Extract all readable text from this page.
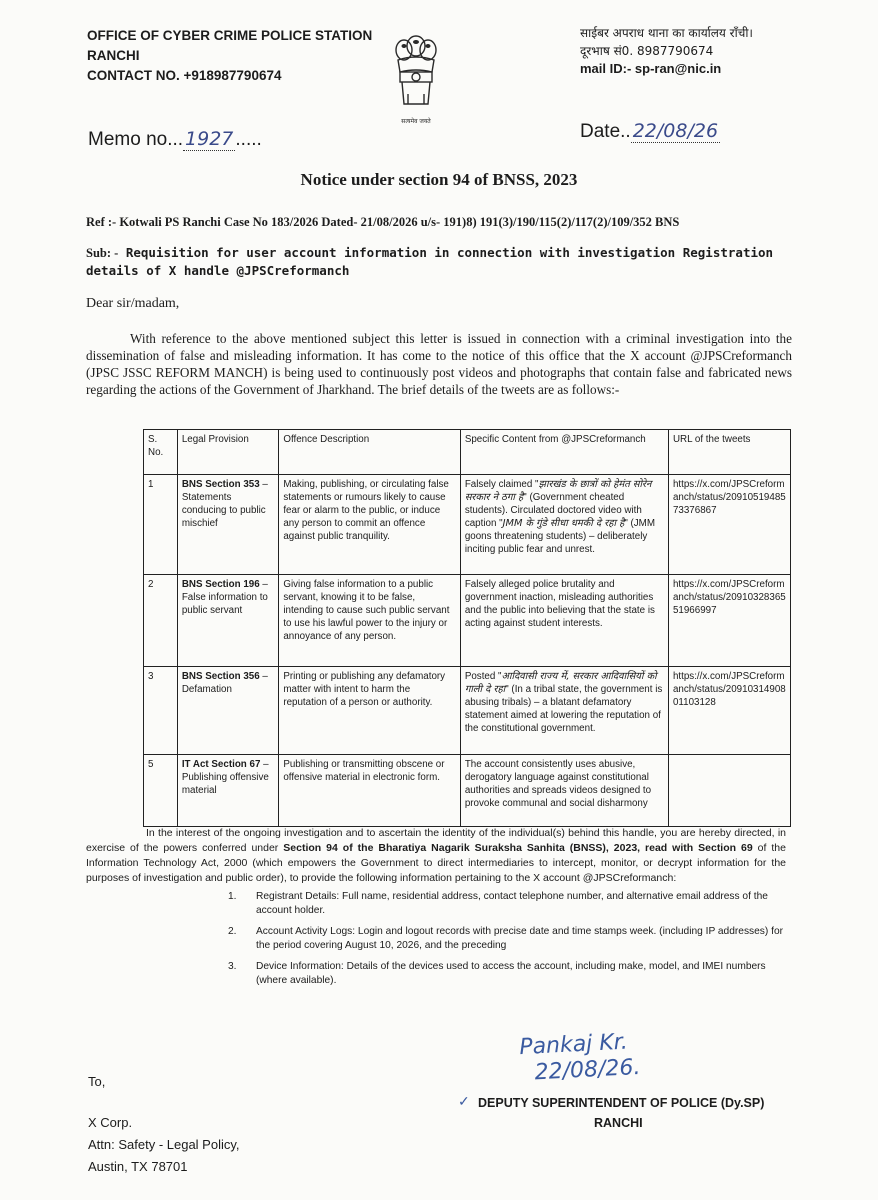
OFFICE OF CYBER CRIME POLICE STATION
RANCHI
CONTACT NO. +918987790674
सत्यमेव जयते
साईबर अपराध थाना का कार्यालय राँची।
दूरभाष सं0. 8987790674
mail ID:- sp-ran@nic.in
Memo no... 1927 .....	Date.. 22/08/26
Notice under section 94 of BNSS, 2023
Ref :- Kotwali PS Ranchi Case No 183/2026 Dated- 21/08/2026 u/s- 191)8) 191(3)/190/115(2)/117(2)/109/352 BNS
Sub: - Requisition for user account information in connection with investigation Registration details of X handle @JPSCreformanch
Dear sir/madam,
With reference to the above mentioned subject this letter is issued in connection with a criminal investigation into the dissemination of false and misleading information. It has come to the notice of this office that the X account @JPSCreformanch (JPSC JSSC REFORM MANCH) is being used to continuously post videos and photographs that contain false and fabricated news regarding the actions of the Government of Jharkhand. The brief details of the tweets are as follows:-
S. No.	Legal Provision	Offence Description	Specific Content from @JPSCreformanch	URL of the tweets
1	BNS Section 353 – Statements conducing to public mischief	Making, publishing, or circulating false statements or rumours likely to cause fear or alarm to the public, or induce any person to commit an offence against public tranquility.	Falsely claimed "झारखंड के छात्रों को हेमंत सोरेन सरकार ने ठगा है" (Government cheated students). Circulated doctored video with caption "JMM के गुंडे सीधा धमकी दे रहा है" (JMM goons threatening students) – deliberately inciting public fear and unrest.	https://x.com/JPSCreformanch/status/2091051948573376867
2	BNS Section 196 – False information to public servant	Giving false information to a public servant, knowing it to be false, intending to cause such public servant to use his lawful power to the injury or annoyance of any person.	Falsely alleged police brutality and government inaction, misleading authorities and the public into believing that the state is acting against student interests.	https://x.com/JPSCreformanch/status/2091032836551966997
3	BNS Section 356 – Defamation	Printing or publishing any defamatory matter with intent to harm the reputation of a person or authority.	Posted "आदिवासी राज्य में, सरकार आदिवासियों को गाली दे रहा" (In a tribal state, the government is abusing tribals) – a blatant defamatory statement aimed at lowering the reputation of the constitutional government.	https://x.com/JPSCreformanch/status/2091031490801103128
5	IT Act Section 67 – Publishing offensive material	Publishing or transmitting obscene or offensive material in electronic form.	The account consistently uses abusive, derogatory language against constitutional authorities and spreads videos designed to provoke communal and social disharmony	
In the interest of the ongoing investigation and to ascertain the identity of the individual(s) behind this handle, you are hereby directed, in exercise of the powers conferred under Section 94 of the Bharatiya Nagarik Suraksha Sanhita (BNSS), 2023, read with Section 69 of the Information Technology Act, 2000 (which empowers the Government to direct intermediaries to intercept, monitor, or decrypt information for the purposes of investigation and public order), to provide the following information pertaining to the X account @JPSCreformanch:
1. Registrant Details: Full name, residential address, contact telephone number, and alternative email address of the account holder.
2. Account Activity Logs: Login and logout records with precise date and time stamps week. (including IP addresses) for the period covering August 10, 2026, and the preceding
3. Device Information: Details of the devices used to access the account, including make, model, and IMEI numbers (where available).
Pankaj Kr.
22/08/26.
✓ DEPUTY SUPERINTENDENT OF POLICE (Dy.SP)
RANCHI
To,
X Corp.
Attn: Safety - Legal Policy,
Austin, TX 78701
